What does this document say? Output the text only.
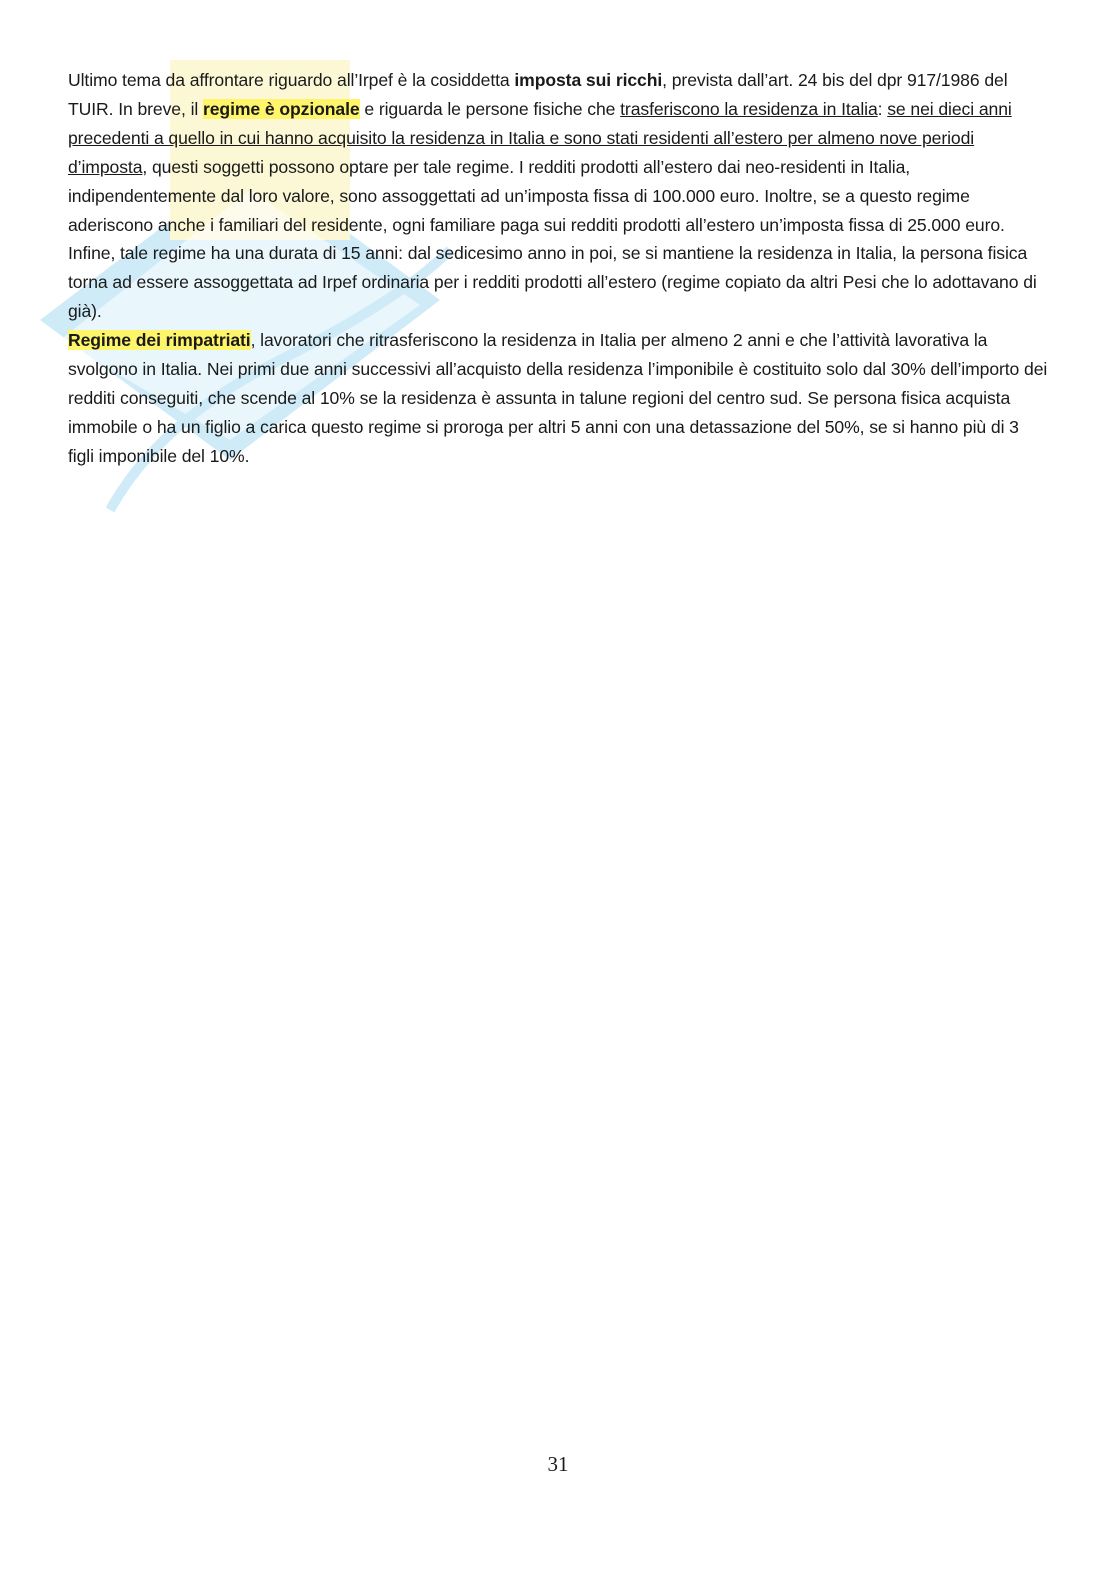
Ultimo tema da affrontare riguardo all’Irpef è la cosiddetta imposta sui ricchi, prevista dall’art. 24 bis del dpr 917/1986 del TUIR. In breve, il regime è opzionale e riguarda le persone fisiche che trasferiscono la residenza in Italia: se nei dieci anni precedenti a quello in cui hanno acquisito la residenza in Italia e sono stati residenti all’estero per almeno nove periodi d’imposta, questi soggetti possono optare per tale regime. I redditi prodotti all’estero dai neo-residenti in Italia, indipendentemente dal loro valore, sono assoggettati ad un’imposta fissa di 100.000 euro. Inoltre, se a questo regime aderiscono anche i familiari del residente, ogni familiare paga sui redditi prodotti all’estero un’imposta fissa di 25.000 euro. Infine, tale regime ha una durata di 15 anni: dal sedicesimo anno in poi, se si mantiene la residenza in Italia, la persona fisica torna ad essere assoggettata ad Irpef ordinaria per i redditi prodotti all’estero (regime copiato da altri Pesi che lo adottavano di già).

Regime dei rimpatriati, lavoratori che ritrasferiscono la residenza in Italia per almeno 2 anni e che l’attività lavorativa la svolgono in Italia. Nei primi due anni successivi all’acquisto della residenza l’imponibile è costituito solo dal 30% dell’importo dei redditi conseguiti, che scende al 10% se la residenza è assunta in talune regioni del centro sud. Se persona fisica acquista immobile o ha un figlio a carica questo regime si proroga per altri 5 anni con una detassazione del 50%, se si hanno più di 3 figli imponibile del 10%.

31
